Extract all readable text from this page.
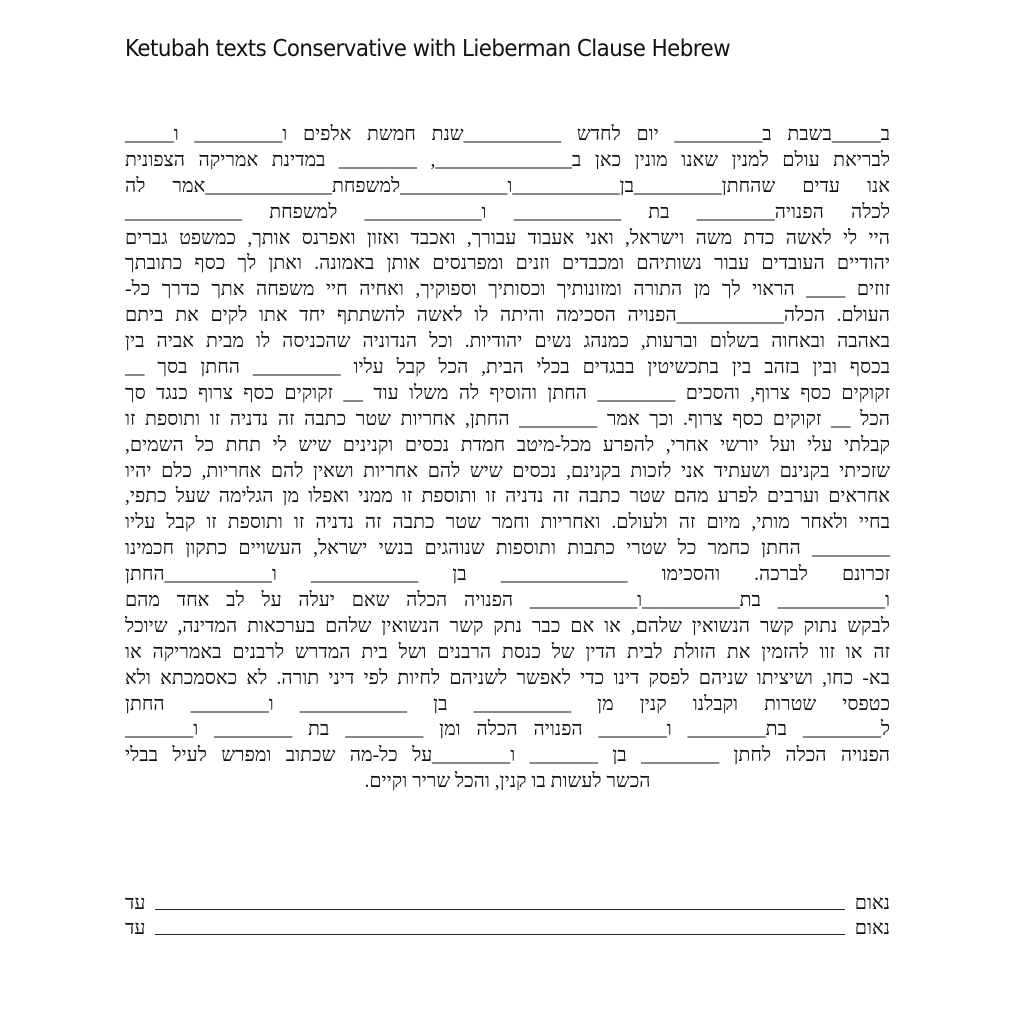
Ketubah texts Conservative with Lieberman Clause Hebrew
ב_____בשבת ב_________ יום לחדש __________שנת חמשת אלפים ו_________ ו_____
לבריאת עולם למנין שאנו מונין כאן ב______________, ________ במדינת אמריקה הצפונית
אנו עדים שהחתן_________בן___________ו___________למשפחת_____________אמר לה
לכלה הפנויה________ בת ___________ ו____________ למשפחת ____________
היי לי לאשה כדת משה וישראל, ואני אעבוד עבורך, ואכבד ואזון ואפרנס אותך, כמשפט גברים
יהודיים העובדים עבור נשותיהם ומכבדים וזנים ומפרנסים אותן באמונה. ואתן לך כסף כתובתך
זוזים ____ הראוי לך מן התורה ומזונותיך וכסותיך וספוקיך, ואחיה חיי משפחה אתך כדרך כל-
העולם. הכלה___________הפנויה הסכימה והיתה לו לאשה להשתתף יחד אתו לקים את ביתם
באהבה ובאחוה בשלום וברעות, כמנהג נשים יהודיות. וכל הנדוניה שהכניסה לו מבית אביה בין
בכסף ובין בזהב בין בתכשיטין בבגדים בכלי הבית, הכל קבל עליו _________ החתן בסך __
זקוקים כסף צרוף, והסכים ________ החתן והוסיף לה משלו עוד __ זקוקים כסף צרוף כנגד סך
הכל __ זקוקים כסף צרוף. וכך אמר ________ החתן, אחריות שטר כתבה זה נדניה זו ותוספת זו
קבלתי עלי ועל יורשי אחרי, להפרע מכל-מיטב חמדת נכסים וקנינים שיש לי תחת כל השמים,
שזכיתי בקנינם ושעתיד אני לזכות בקנינם, נכסים שיש להם אחריות ושאין להם אחריות, כלם יהיו
אחראים וערבים לפרע מהם שטר כתבה זה נדניה זו ותוספת זו ממני ואפלו מן הגלימה שעל כתפי,
בחיי ולאחר מותי, מיום זה ולעולם. ואחריות וחמר שטר כתבה זה נדניה זו ותוספת זו קבל עליו
________ החתן כחמר כל שטרי כתבות ותוספות שנוהגים בנשי ישראל, העשויים כתקון חכמינו
זכרונם לברכה. והסכימו _____________ בן ___________ ו___________החתן
ו___________ בת__________ו___________ הפנויה הכלה שאם יעלה על לב אחד מהם
לבקש נתוק קשר הנשואין שלהם, או אם כבר נתק קשר הנשואין שלהם בערכאות המדינה, שיוכל
זה או זוו להזמין את הזולת לבית הדין של כנסת הרבנים ושל בית המדרש לרבנים באמריקה או
בא- כחו, ושיציתו שניהם לפסק דינו כדי לאפשר לשניהם לחיות לפי דיני תורה. לא כאסמכתא ולא
כטפסי שטרות וקבלנו קנין מן __________ בן ___________ ו________ החתן
ל________ בת________ ו_______ הפנויה הכלה ומן ________ בת ________ ו_______
הפנויה הכלה לחתן ________ בן _______ ו________על כל-מה שכתוב ומפרש לעיל בבלי
הכשר לעשות בו קנין, והכל שריר וקיים.
נאום
עד
נאום
עד
